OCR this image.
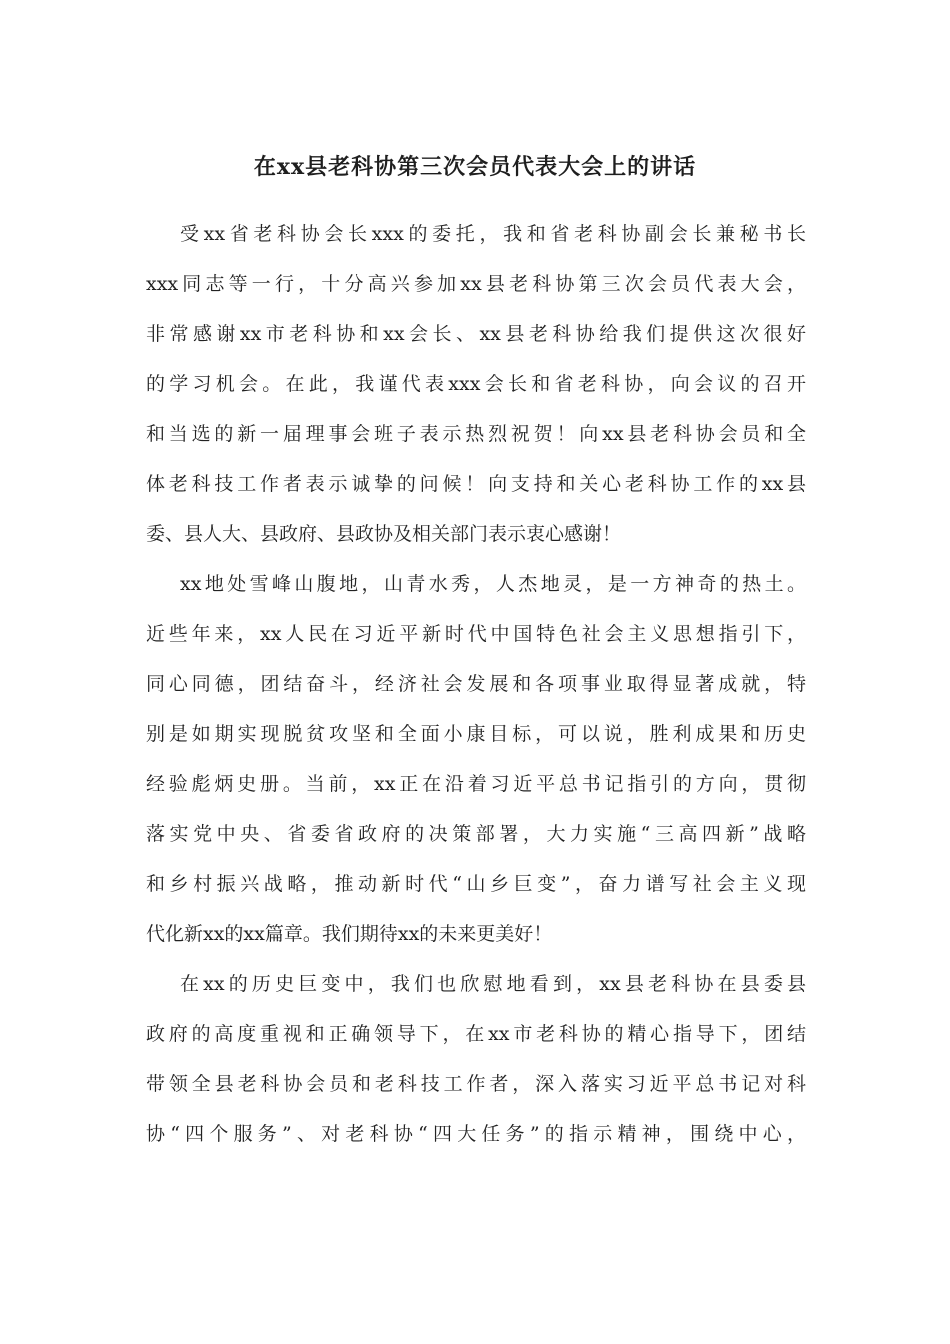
在xx县老科协第三次会员代表大会上的讲话
受xx省老科协会长xxx的委托，我和省老科协副会长兼秘书长
xxx同志等一行，十分高兴参加xx县老科协第三次会员代表大会，
非常感谢xx市老科协和xx会长、xx县老科协给我们提供这次很好
的学习机会。在此，我谨代表xxx会长和省老科协，向会议的召开
和当选的新一届理事会班子表示热烈祝贺！向xx县老科协会员和全
体老科技工作者表示诚挚的问候！向支持和关心老科协工作的xx县
委、县人大、县政府、县政协及相关部门表示衷心感谢！
xx地处雪峰山腹地，山青水秀，人杰地灵，是一方神奇的热土。
近些年来，xx人民在习近平新时代中国特色社会主义思想指引下，
同心同德，团结奋斗，经济社会发展和各项事业取得显著成就，特
别是如期实现脱贫攻坚和全面小康目标，可以说，胜利成果和历史
经验彪炳史册。当前，xx正在沿着习近平总书记指引的方向，贯彻
落实党中央、省委省政府的决策部署，大力实施“三高四新”战略
和乡村振兴战略，推动新时代“山乡巨变”，奋力谱写社会主义现
代化新xx的xx篇章。我们期待xx的未来更美好！
在xx的历史巨变中，我们也欣慰地看到，xx县老科协在县委县
政府的高度重视和正确领导下，在xx市老科协的精心指导下，团结
带领全县老科协会员和老科技工作者，深入落实习近平总书记对科
协“四个服务”、对老科协“四大任务”的指示精神，围绕中心，
